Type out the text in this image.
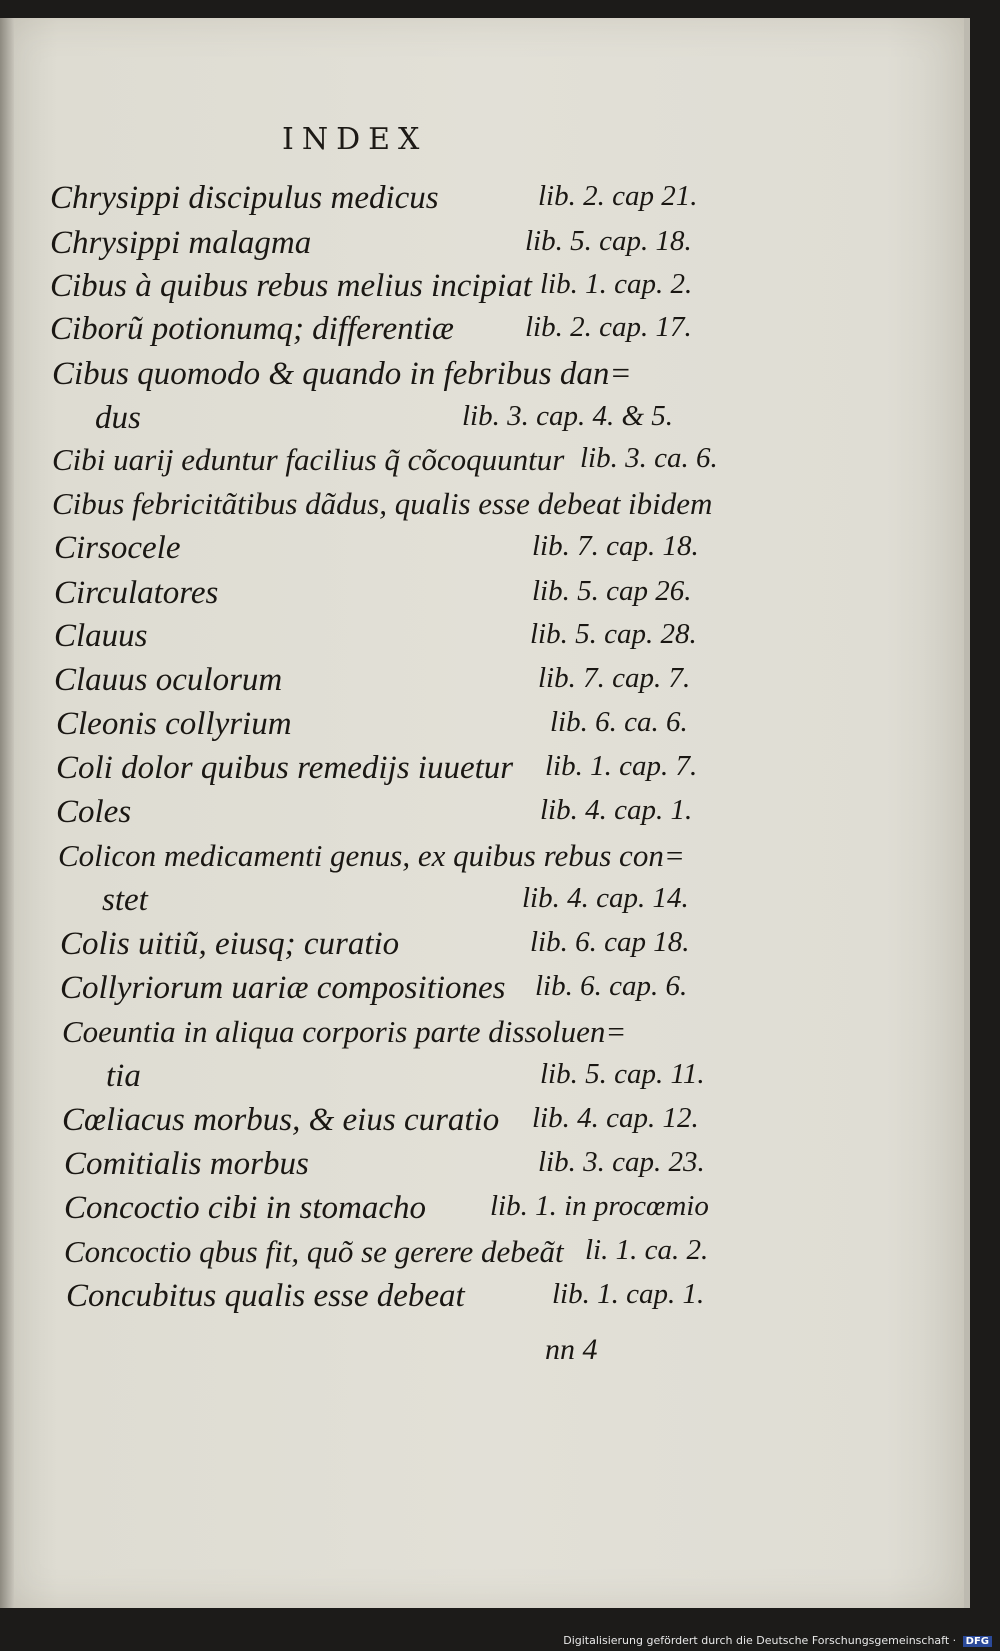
INDEX
Chrysippi discipulus medicus	lib. 2. cap 21.
Chrysippi malagma	lib. 5. cap. 18.
Cibus à quibus rebus melius incipiat lib. 1. cap. 2.
Ciborũ potionumq; differentiæ lib. 2. cap. 17.
Cibus quomodo & quando in febribus dan=
dus	lib. 3. cap. 4. & 5.
Cibi uarij eduntur facilius q̃ cõcoquuntur lib. 3. ca. 6.
Cibus febricitãtibus dãdus, qualis esse debeat ibidem
Cirsocele	lib. 7. cap. 18.
Circulatores	lib. 5. cap 26.
Clauus	lib. 5. cap. 28.
Clauus oculorum	lib. 7. cap. 7.
Cleonis collyrium	lib. 6. ca. 6.
Coli dolor quibus remedijs iuuetur lib. 1. cap. 7.
Coles	lib. 4. cap. 1.
Colicon medicamenti genus, ex quibus rebus con=
stet	lib. 4. cap. 14.
Colis uitiũ, eiusq; curatio	lib. 6. cap 18.
Collyriorum uariæ compositiones lib. 6. cap. 6.
Coeuntia in aliqua corporis parte dissoluen=
tia	lib. 5. cap. 11.
Cœliacus morbus, & eius curatio lib. 4. cap. 12.
Comitialis morbus	lib. 3. cap. 23.
Concoctio cibi in stomacho lib. 1. in procœmio
Concoctio qbus fit, quõ se gerere debeãt li. 1. ca. 2.
Concubitus qualis esse debeat	lib. 1. cap. 1.
nn 4
Digitalisierung gefördert durch die Deutsche Forschungsgemeinschaft · DFG
